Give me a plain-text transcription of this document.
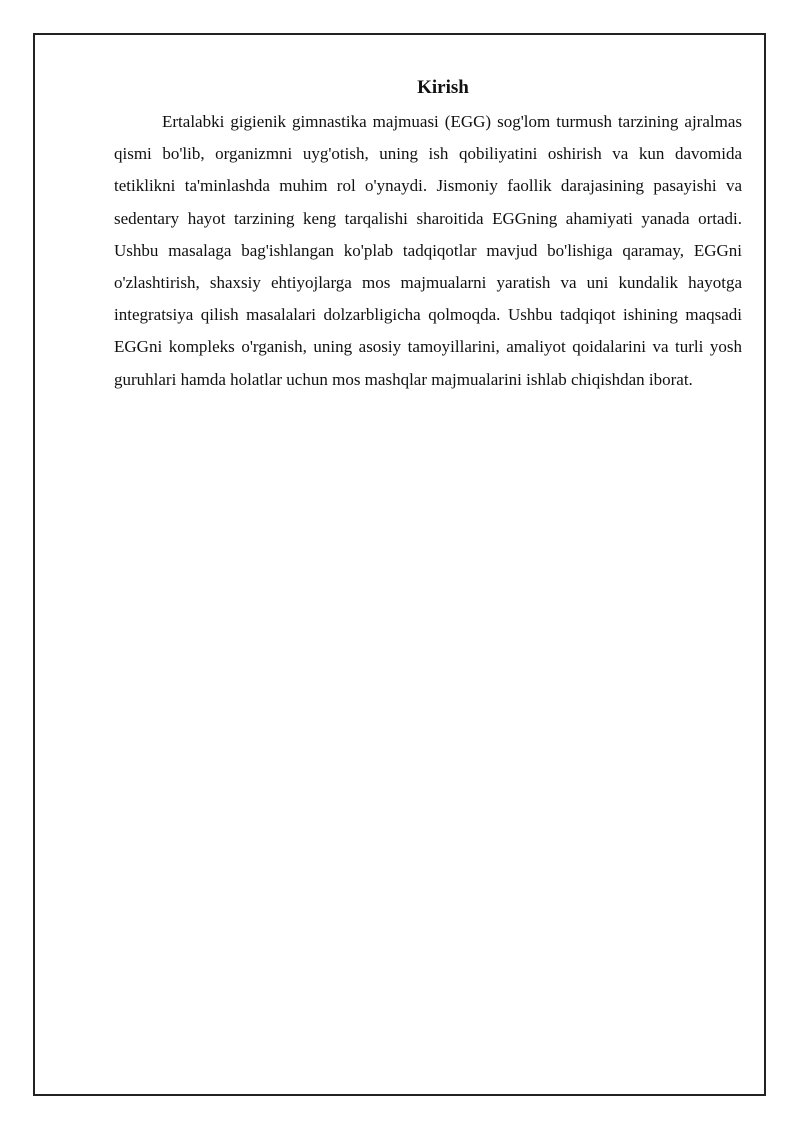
Kirish

Ertalabki gigienik gimnastika majmuasi (EGG) sog'lom turmush tarzining ajralmas qismi bo'lib, organizmni uyg'otish, uning ish qobiliyatini oshirish va kun davomida tetiklikni ta'minlashda muhim rol o'ynaydi. Jismoniy faollik darajasining pasayishi va sedentary hayot tarzining keng tarqalishi sharoitida EGGning ahamiyati yanada ortadi. Ushbu masalaga bag'ishlangan ko'plab tadqiqotlar mavjud bo'lishiga qaramay, EGGni o'zlashtirish, shaxsiy ehtiyojlarga mos majmualarni yaratish va uni kundalik hayotga integratsiya qilish masalalari dolzarbligicha qolmoqda. Ushbu tadqiqot ishining maqsadi EGGni kompleks o'rganish, uning asosiy tamoyillarini, amaliyot qoidalarini va turli yosh guruhlari hamda holatlar uchun mos mashqlar majmualarini ishlab chiqishdan iborat.
